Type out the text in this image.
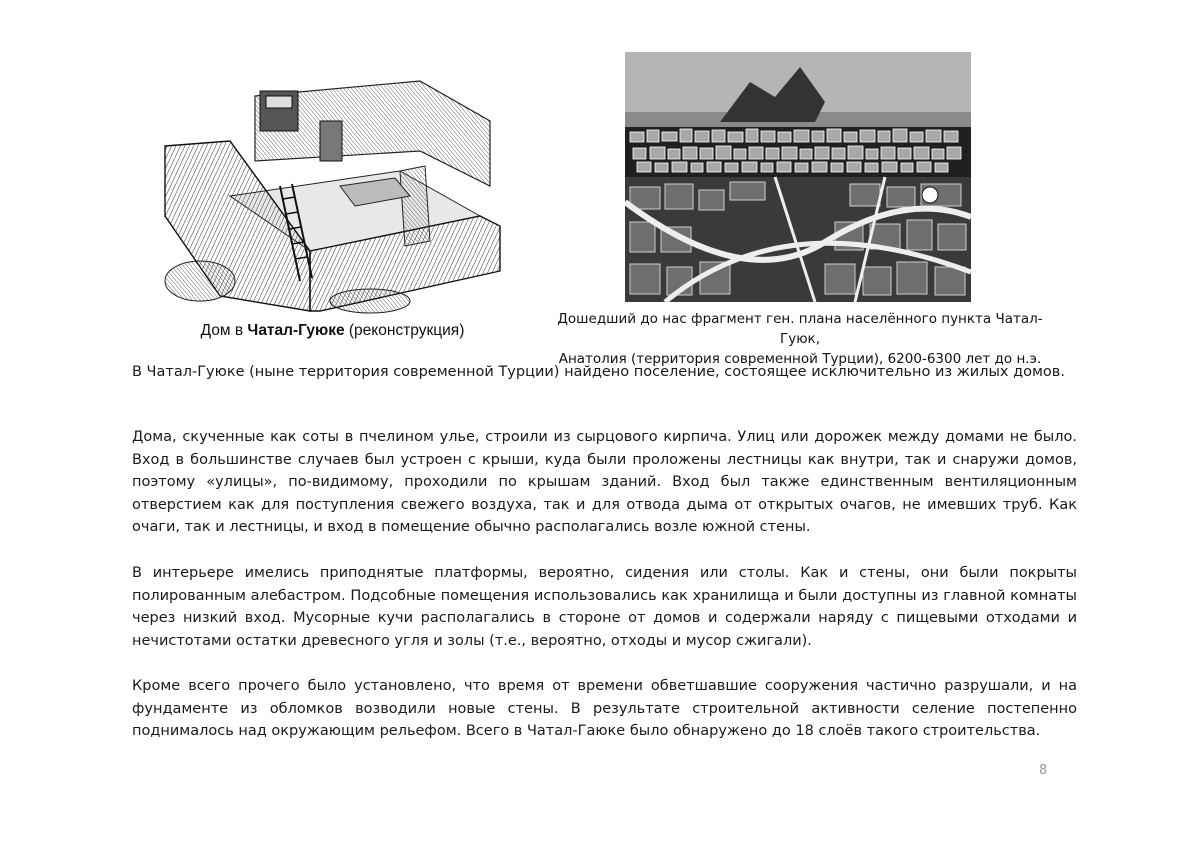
Дом в Чатал-Гуюке (реконструкция)
Дошедший до нас фрагмент ген. плана населённого пункта Чатал-Гуюк,
Анатолия (территория современной Турции), 6200-6300 лет до н.э.

В Чатал-Гуюке (ныне территория современной Турции) найдено поселение, состоящее исключительно из жилых домов.

Дома, скученные как соты в пчелином улье, строили из сырцового кирпича. Улиц или дорожек между домами не было. Вход в большинстве случаев был устроен с крыши, куда были проложены лестницы как внутри, так и снаружи домов, поэтому «улицы», по-видимому, проходили по крышам зданий. Вход был также единственным вентиляционным отверстием как для поступления свежего воздуха, так и для отвода дыма от открытых очагов, не имевших труб. Как очаги, так и лестницы, и вход в помещение обычно располагались возле южной стены.

В интерьере имелись приподнятые платформы, вероятно, сидения или столы. Как и стены, они были покрыты полированным алебастром. Подсобные помещения использовались как хранилища и были доступны из главной комнаты через низкий вход. Мусорные кучи располагались в стороне от домов и содержали наряду с пищевыми отходами и нечистотами остатки древесного угля и золы (т.е., вероятно, отходы и мусор сжигали).

Кроме всего прочего было установлено, что время от времени обветшавшие сооружения частично разрушали, и на фундаменте из обломков возводили новые стены. В результате строительной активности селение постепенно поднималось над окружающим рельефом. Всего в Чатал-Гаюке было обнаружено до 18 слоёв такого строительства.

8
